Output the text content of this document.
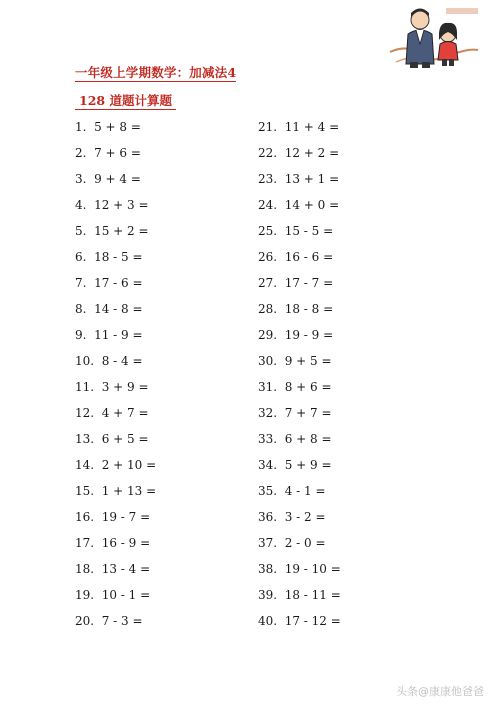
一年级上学期数学：加减法4
128 道题计算题
1.  5 + 8 =
2.  7 + 6 =
3.  9 + 4 =
4.  12 + 3 =
5.  15 + 2 =
6.  18 - 5 =
7.  17 - 6 =
8.  14 - 8 =
9.  11 - 9 =
10.  8 - 4 =
11.  3 + 9 =
12.  4 + 7 =
13.  6 + 5 =
14.  2 + 10 =
15.  1 + 13 =
16.  19 - 7 =
17.  16 - 9 =
18.  13 - 4 =
19.  10 - 1 =
20.  7 - 3 =
21.  11 + 4 =
22.  12 + 2 =
23.  13 + 1 =
24.  14 + 0 =
25.  15 - 5 =
26.  16 - 6 =
27.  17 - 7 =
28.  18 - 8 =
29.  19 - 9 =
30.  9 + 5 =
31.  8 + 6 =
32.  7 + 7 =
33.  6 + 8 =
34.  5 + 9 =
35.  4 - 1 =
36.  3 - 2 =
37.  2 - 0 =
38.  19 - 10 =
39.  18 - 11 =
40.  17 - 12 =
头条@康康他爸爸
